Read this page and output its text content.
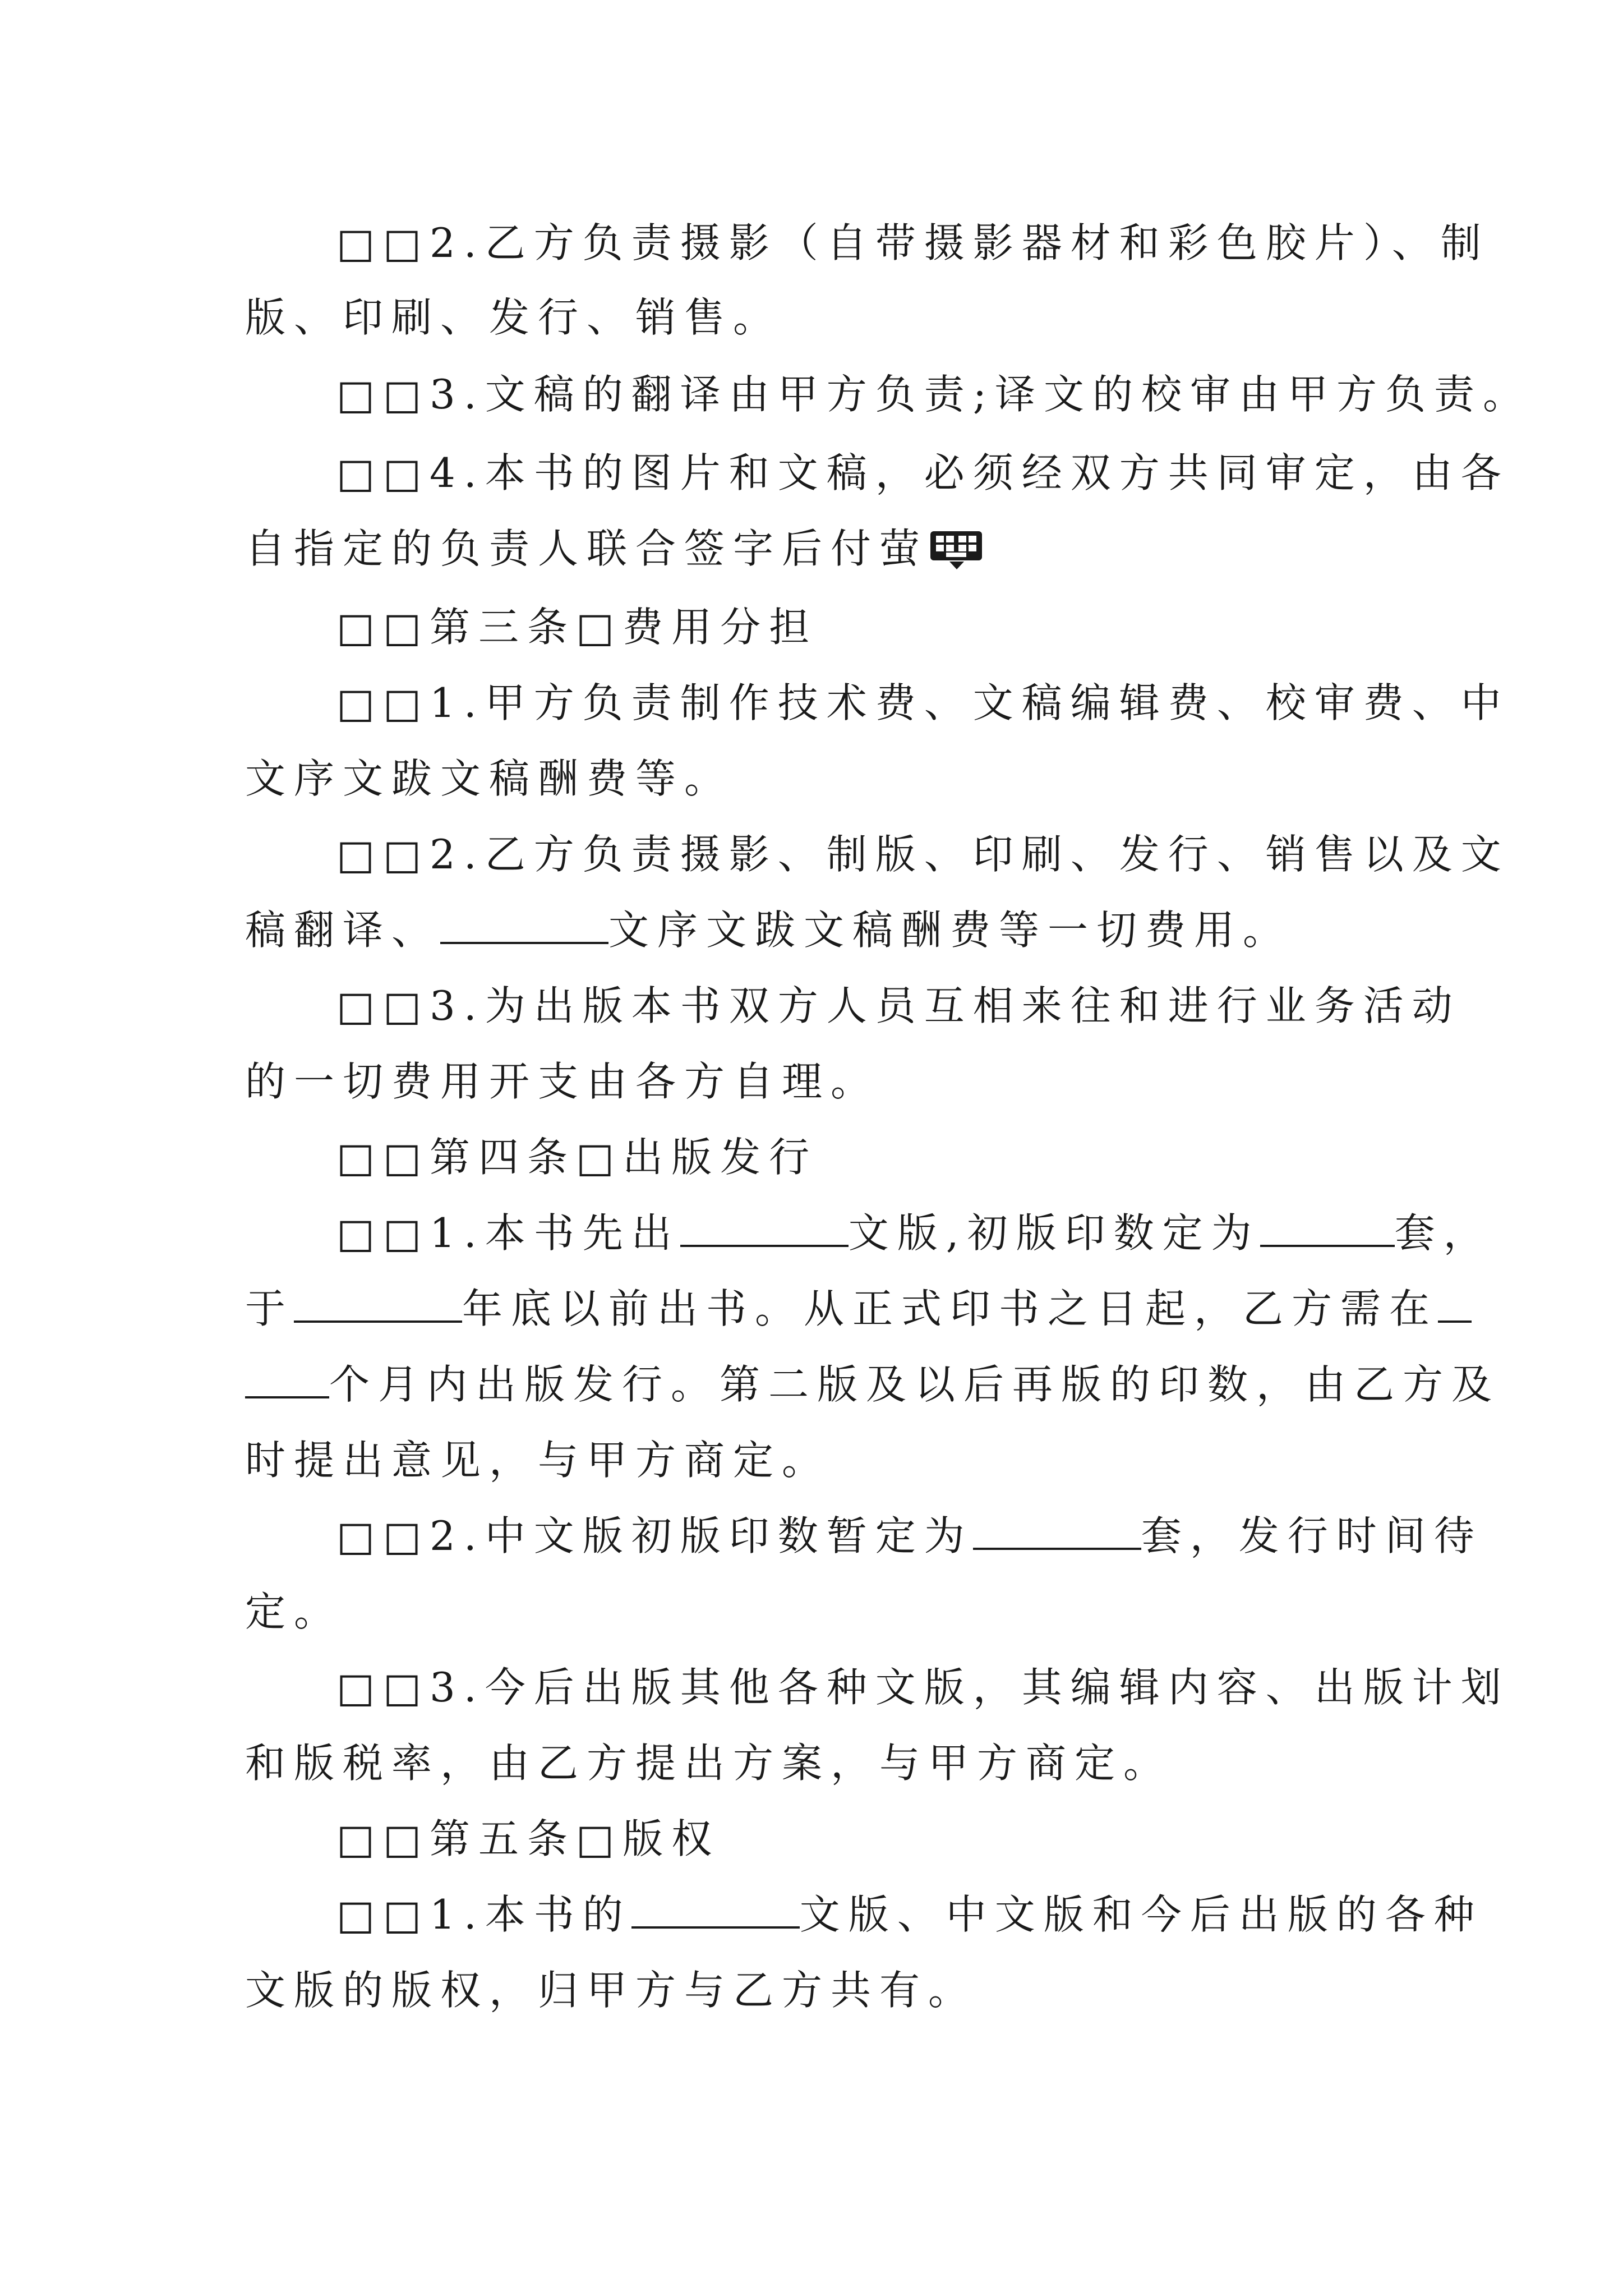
□□2.乙方负责摄影（自带摄影器材和彩色胶片）、制
版、印刷、发行、销售。
□□3.文稿的翻译由甲方负责;译文的校审由甲方负责。
□□4.本书的图片和文稿，必须经双方共同审定，由各
自指定的负责人联合签字后付萤
□□第三条□费用分担
□□1.甲方负责制作技术费、文稿编辑费、校审费、中
文序文跋文稿酬费等。
□□2.乙方负责摄影、制版、印刷、发行、销售以及文
稿翻译、	文序文跋文稿酬费等一切费用。
□□3.为出版本书双方人员互相来往和进行业务活动
的一切费用开支由各方自理。
□□第四条□出版发行
□□1.本书先出	文版,初版印数定为	套，
于	年底以前出书。从正式印书之日起，乙方需在
个月内出版发行。第二版及以后再版的印数，由乙方及
时提出意见，与甲方商定。
□□2.中文版初版印数暂定为	套，发行时间待
定。
□□3.今后出版其他各种文版，其编辑内容、出版计划
和版税率，由乙方提出方案，与甲方商定。
□□第五条□版权
□□1.本书的	文版、中文版和今后出版的各种
文版的版权，归甲方与乙方共有。
